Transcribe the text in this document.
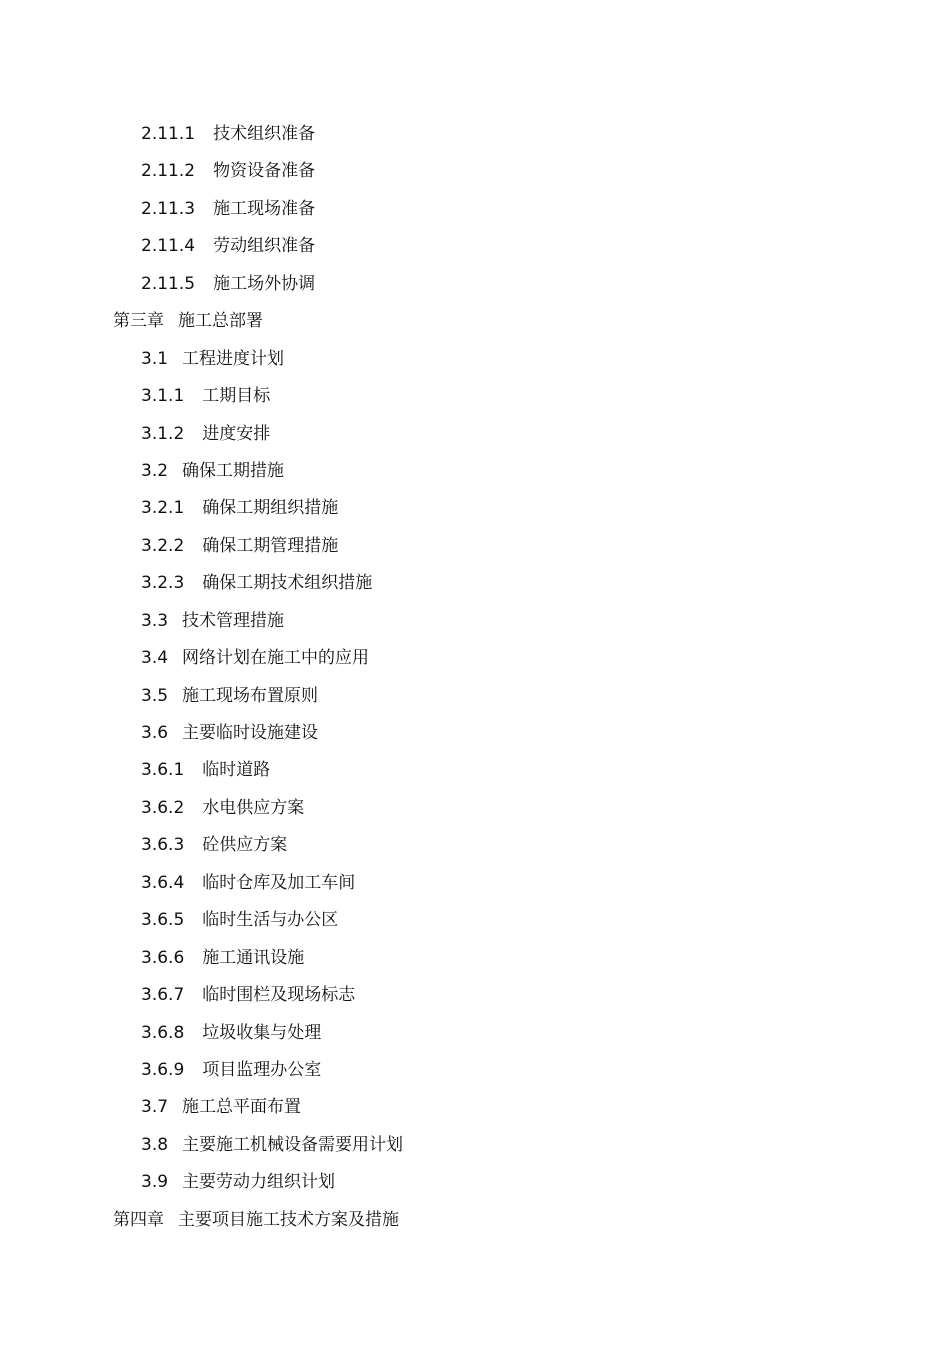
2.11.1 技术组织准备
2.11.2 物资设备准备
2.11.3 施工现场准备
2.11.4 劳动组织准备
2.11.5 施工场外协调
第三章 施工总部署
3.1 工程进度计划
3.1.1 工期目标
3.1.2 进度安排
3.2 确保工期措施
3.2.1 确保工期组织措施
3.2.2 确保工期管理措施
3.2.3 确保工期技术组织措施
3.3 技术管理措施
3.4 网络计划在施工中的应用
3.5 施工现场布置原则
3.6 主要临时设施建设
3.6.1 临时道路
3.6.2 水电供应方案
3.6.3 砼供应方案
3.6.4 临时仓库及加工车间
3.6.5 临时生活与办公区
3.6.6 施工通讯设施
3.6.7 临时围栏及现场标志
3.6.8 垃圾收集与处理
3.6.9 项目监理办公室
3.7 施工总平面布置
3.8 主要施工机械设备需要用计划
3.9 主要劳动力组织计划
第四章 主要项目施工技术方案及措施
